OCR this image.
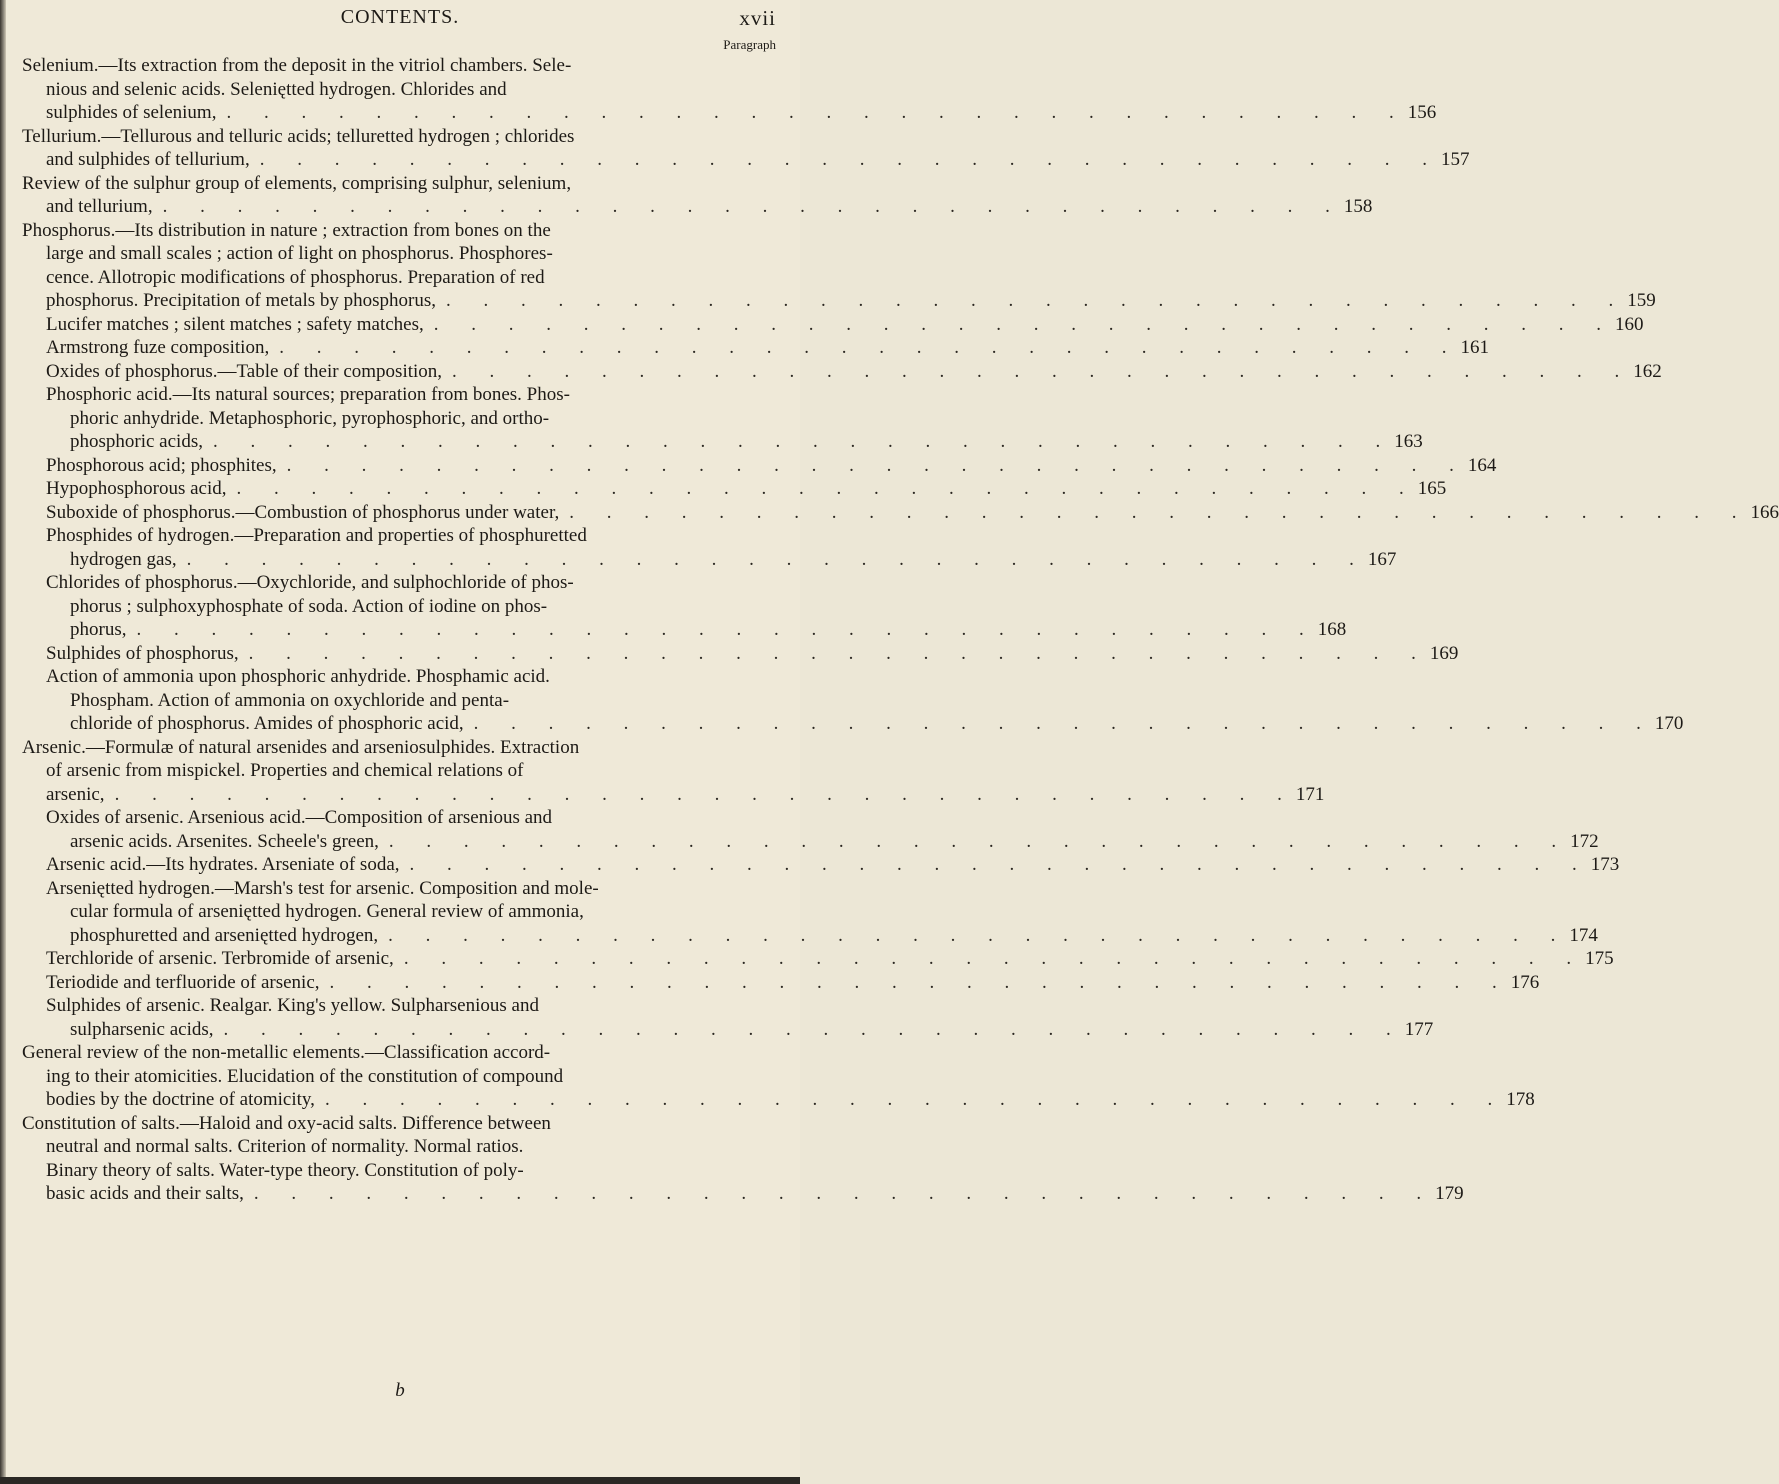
CONTENTS.	xvii
Paragraph
Selenium.—Its extraction from the deposit in the vitriol chambers. Sele-
nious and selenic acids. Seleniętted hydrogen. Chlorides and
sulphides of selenium, . . . . . . . . . . . . . . . . . . . . . . . . . . . . . . . . 156
Tellurium.—Tellurous and telluric acids; telluretted hydrogen ; chlorides
and sulphides of tellurium, . . . . . . . . . . . . . . . . . . . . . . . . . . . . . . . . 157
Review of the sulphur group of elements, comprising sulphur, selenium,
and tellurium, . . . . . . . . . . . . . . . . . . . . . . . . . . . . . . . . 158
Phosphorus.—Its distribution in nature ; extraction from bones on the
large and small scales ; action of light on phosphorus. Phosphores-
cence. Allotropic modifications of phosphorus. Preparation of red
phosphorus. Precipitation of metals by phosphorus, . . . . . . . . . . . . . . . . . . . . . . . . . . . . . . . . 159
Lucifer matches ; silent matches ; safety matches, . . . . . . . . . . . . . . . . . . . . . . . . . . . . . . . . 160
Armstrong fuze composition, . . . . . . . . . . . . . . . . . . . . . . . . . . . . . . . . 161
Oxides of phosphorus.—Table of their composition, . . . . . . . . . . . . . . . . . . . . . . . . . . . . . . . . 162
Phosphoric acid.—Its natural sources; preparation from bones. Phos-
phoric anhydride. Metaphosphoric, pyrophosphoric, and ortho-
phosphoric acids, . . . . . . . . . . . . . . . . . . . . . . . . . . . . . . . . 163
Phosphorous acid; phosphites, . . . . . . . . . . . . . . . . . . . . . . . . . . . . . . . . 164
Hypophosphorous acid, . . . . . . . . . . . . . . . . . . . . . . . . . . . . . . . . 165
Suboxide of phosphorus.—Combustion of phosphorus under water, . . . . . . . . . . . . . . . . . . . . . . . . . . . . . . . . 166
Phosphides of hydrogen.—Preparation and properties of phosphuretted
hydrogen gas, . . . . . . . . . . . . . . . . . . . . . . . . . . . . . . . . 167
Chlorides of phosphorus.—Oxychloride, and sulphochloride of phos-
phorus ; sulphoxyphosphate of soda. Action of iodine on phos-
phorus, . . . . . . . . . . . . . . . . . . . . . . . . . . . . . . . . 168
Sulphides of phosphorus, . . . . . . . . . . . . . . . . . . . . . . . . . . . . . . . . 169
Action of ammonia upon phosphoric anhydride. Phosphamic acid.
Phospham. Action of ammonia on oxychloride and penta-
chloride of phosphorus. Amides of phosphoric acid, . . . . . . . . . . . . . . . . . . . . . . . . . . . . . . . . 170
Arsenic.—Formulæ of natural arsenides and arseniosulphides. Extraction
of arsenic from mispickel. Properties and chemical relations of
arsenic, . . . . . . . . . . . . . . . . . . . . . . . . . . . . . . . . 171
Oxides of arsenic. Arsenious acid.—Composition of arsenious and
arsenic acids. Arsenites. Scheele's green, . . . . . . . . . . . . . . . . . . . . . . . . . . . . . . . . 172
Arsenic acid.—Its hydrates. Arseniate of soda, . . . . . . . . . . . . . . . . . . . . . . . . . . . . . . . . 173
Arseniętted hydrogen.—Marsh's test for arsenic. Composition and mole-
cular formula of arseniętted hydrogen. General review of ammonia,
phosphuretted and arseniętted hydrogen, . . . . . . . . . . . . . . . . . . . . . . . . . . . . . . . . 174
Terchloride of arsenic. Terbromide of arsenic, . . . . . . . . . . . . . . . . . . . . . . . . . . . . . . . . 175
Teriodide and terfluoride of arsenic, . . . . . . . . . . . . . . . . . . . . . . . . . . . . . . . . 176
Sulphides of arsenic. Realgar. King's yellow. Sulpharsenious and
sulpharsenic acids, . . . . . . . . . . . . . . . . . . . . . . . . . . . . . . . . 177
General review of the non-metallic elements.—Classification accord-
ing to their atomicities. Elucidation of the constitution of compound
bodies by the doctrine of atomicity, . . . . . . . . . . . . . . . . . . . . . . . . . . . . . . . . 178
Constitution of salts.—Haloid and oxy-acid salts. Difference between
neutral and normal salts. Criterion of normality. Normal ratios.
Binary theory of salts. Water-type theory. Constitution of poly-
basic acids and their salts, . . . . . . . . . . . . . . . . . . . . . . . . . . . . . . . . 179
b
